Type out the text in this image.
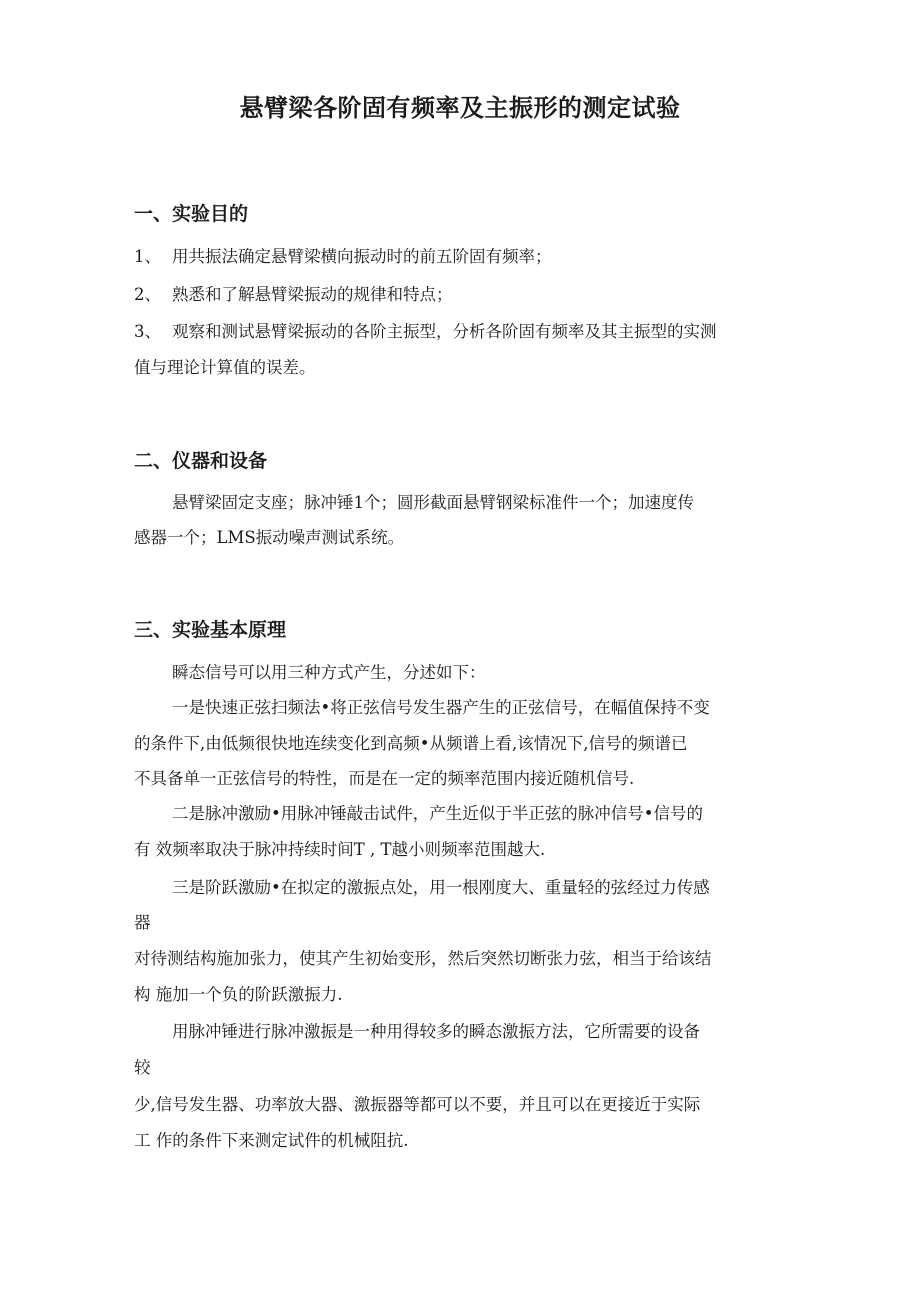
悬臂梁各阶固有频率及主振形的测定试验
一、实验目的

1、 用共振法确定悬臂梁横向振动时的前五阶固有频率；

2、 熟悉和了解悬臂梁振动的规律和特点；

3、 观察和测试悬臂梁振动的各阶主振型，分析各阶固有频率及其主振型的实测

值与理论计算值的误差。

二、仪器和设备

悬臂梁固定支座；脉冲锤1个；圆形截面悬臂钢梁标准件一个；加速度传

感器一个；LMS振动噪声测试系统。

三、实验基本原理

瞬态信号可以用三种方式产生，分述如下：

一是快速正弦扫频法•将正弦信号发生器产生的正弦信号，在幅值保持不变

的条件下,由低频很快地连续变化到高频•从频谱上看,该情况下,信号的频谱已

不具备单一正弦信号的特性，而是在一定的频率范围内接近随机信号.

二是脉冲激励•用脉冲锤敲击试件，产生近似于半正弦的脉冲信号•信号的

有 效频率取决于脉冲持续时间T , T越小则频率范围越大.

三是阶跃激励•在拟定的激振点处，用一根刚度大、重量轻的弦经过力传感

器

对待测结构施加张力，使其产生初始变形，然后突然切断张力弦，相当于给该结

构 施加一个负的阶跃激振力.

用脉冲锤进行脉冲激振是一种用得较多的瞬态激振方法，它所需要的设备

较

少,信号发生器、功率放大器、激振器等都可以不要，并且可以在更接近于实际

工 作的条件下来测定试件的机械阻抗.
